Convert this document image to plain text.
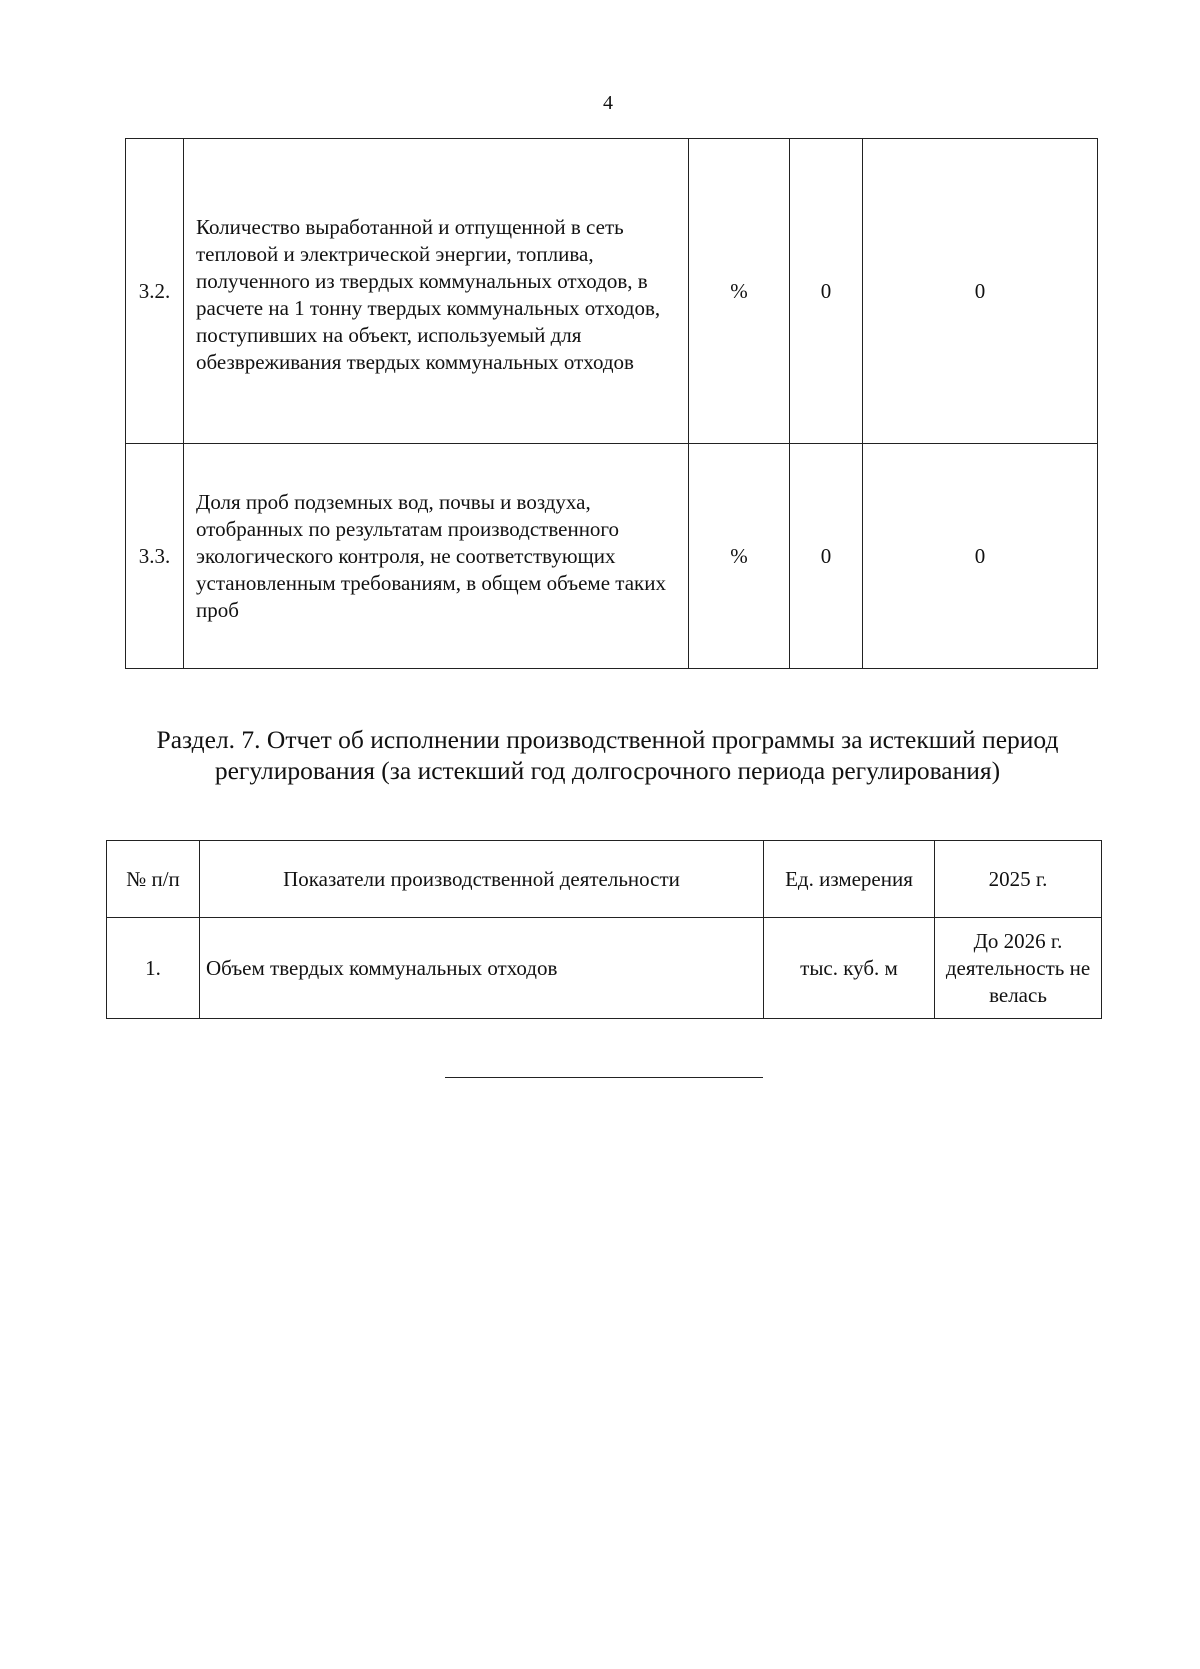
4
3.2.	Количество выработанной и отпущенной в сеть тепловой и электрической энергии, топлива, полученного из твердых коммунальных отходов, в расчете на 1 тонну твердых коммунальных отходов, поступивших на объект, используемый для обезвреживания твердых коммунальных отходов	%	0	0
3.3.	Доля проб подземных вод, почвы и воздуха, отобранных по результатам производственного экологического контроля, не соответствующих установленным требованиям, в общем объеме таких проб	%	0	0
Раздел. 7. Отчет об исполнении производственной программы за истекший период регулирования (за истекший год долгосрочного периода регулирования)
№ п/п	Показатели производственной деятельности	Ед. измерения	2025 г.
1.	Объем твердых коммунальных отходов	тыс. куб. м	До 2026 г. деятельность не велась
